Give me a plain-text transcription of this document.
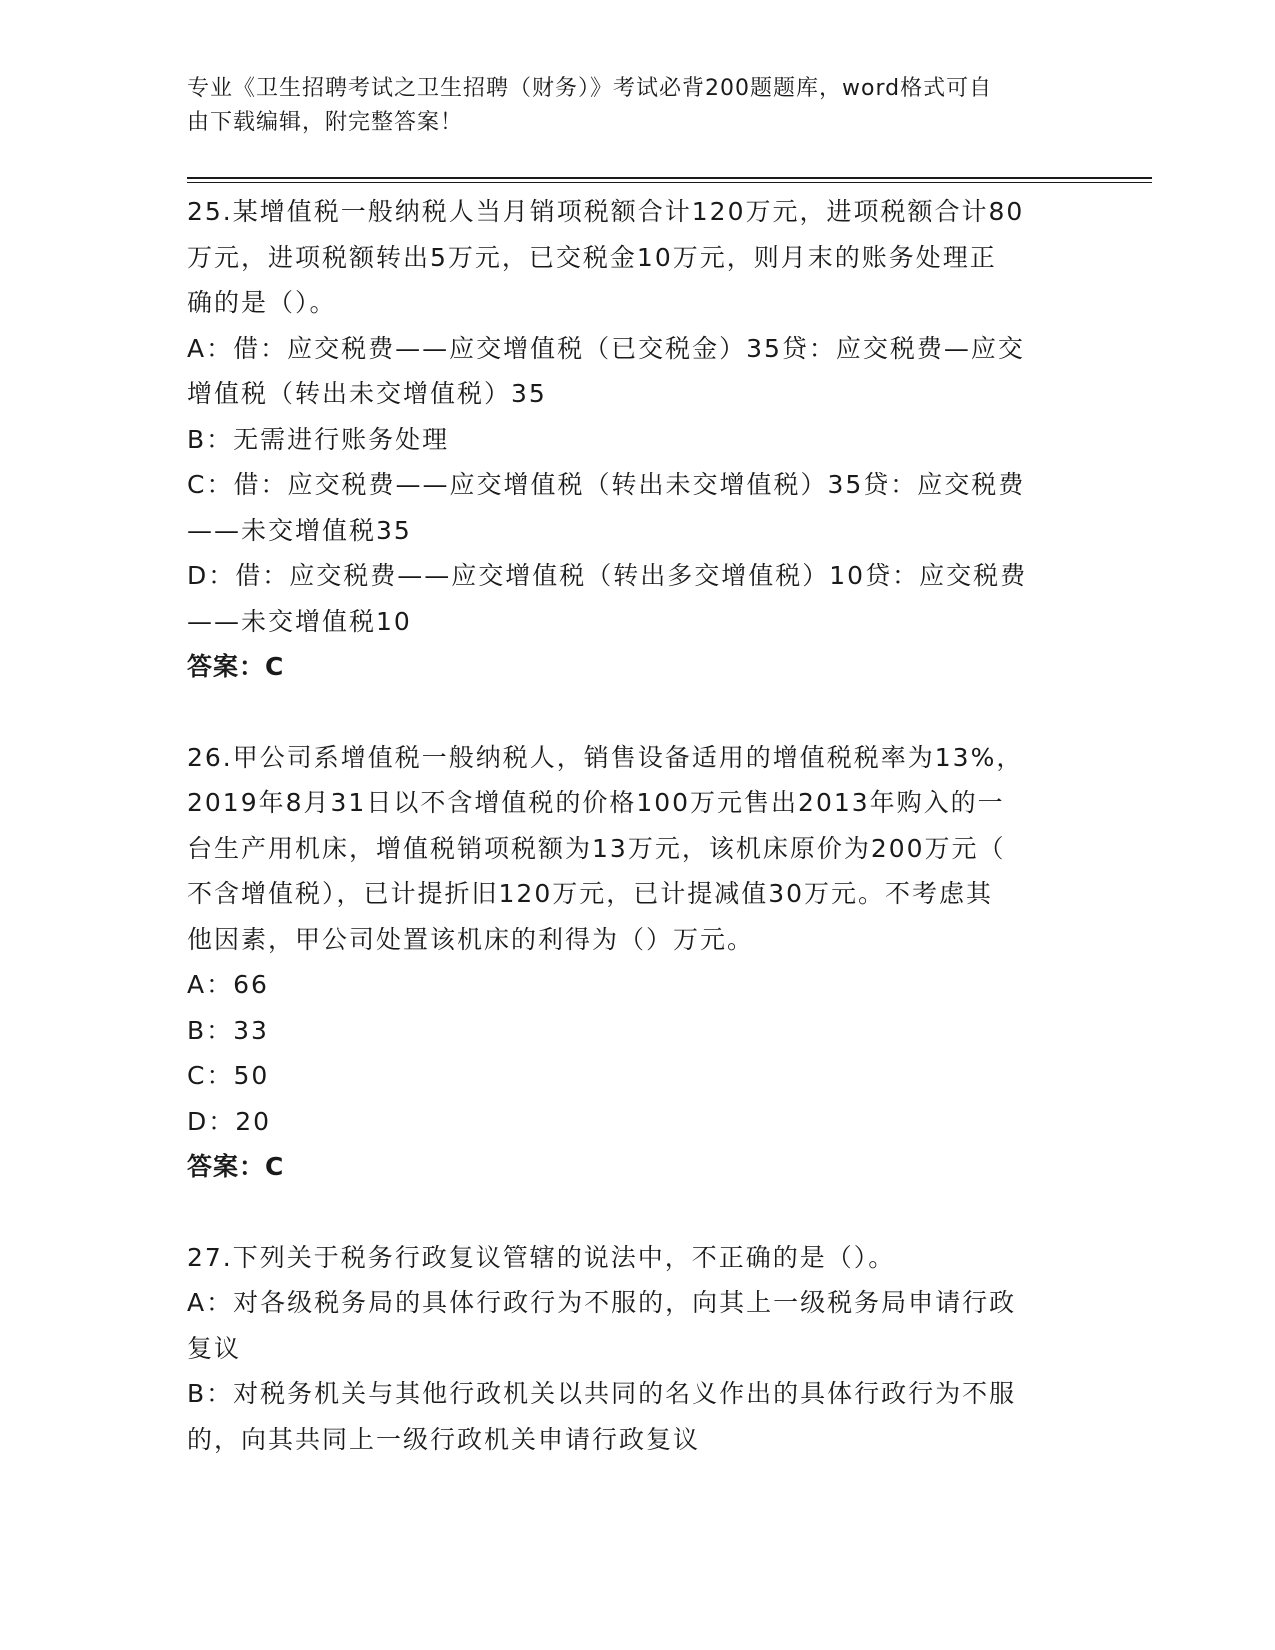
专业《卫生招聘考试之卫生招聘（财务）》考试必背200题题库，word格式可自
由下载编辑，附完整答案！
25.某增值税一般纳税人当月销项税额合计120万元，进项税额合计80
万元，进项税额转出5万元，已交税金10万元，则月末的账务处理正
确的是（）。
A：借：应交税费——应交增值税（已交税金）35贷：应交税费—应交
增值税（转出未交增值税）35
B：无需进行账务处理
C：借：应交税费——应交增值税（转出未交增值税）35贷：应交税费
——未交增值税35
D：借：应交税费——应交增值税（转出多交增值税）10贷：应交税费
——未交增值税10
答案：C
26.甲公司系增值税一般纳税人，销售设备适用的增值税税率为13%，
2019年8月31日以不含增值税的价格100万元售出2013年购入的一
台生产用机床，增值税销项税额为13万元，该机床原价为200万元（
不含增值税），已计提折旧120万元，已计提减值30万元。不考虑其
他因素，甲公司处置该机床的利得为（）万元。
A：66
B：33
C：50
D：20
答案：C
27.下列关于税务行政复议管辖的说法中，不正确的是（）。
A：对各级税务局的具体行政行为不服的，向其上一级税务局申请行政
复议
B：对税务机关与其他行政机关以共同的名义作出的具体行政行为不服
的，向其共同上一级行政机关申请行政复议
